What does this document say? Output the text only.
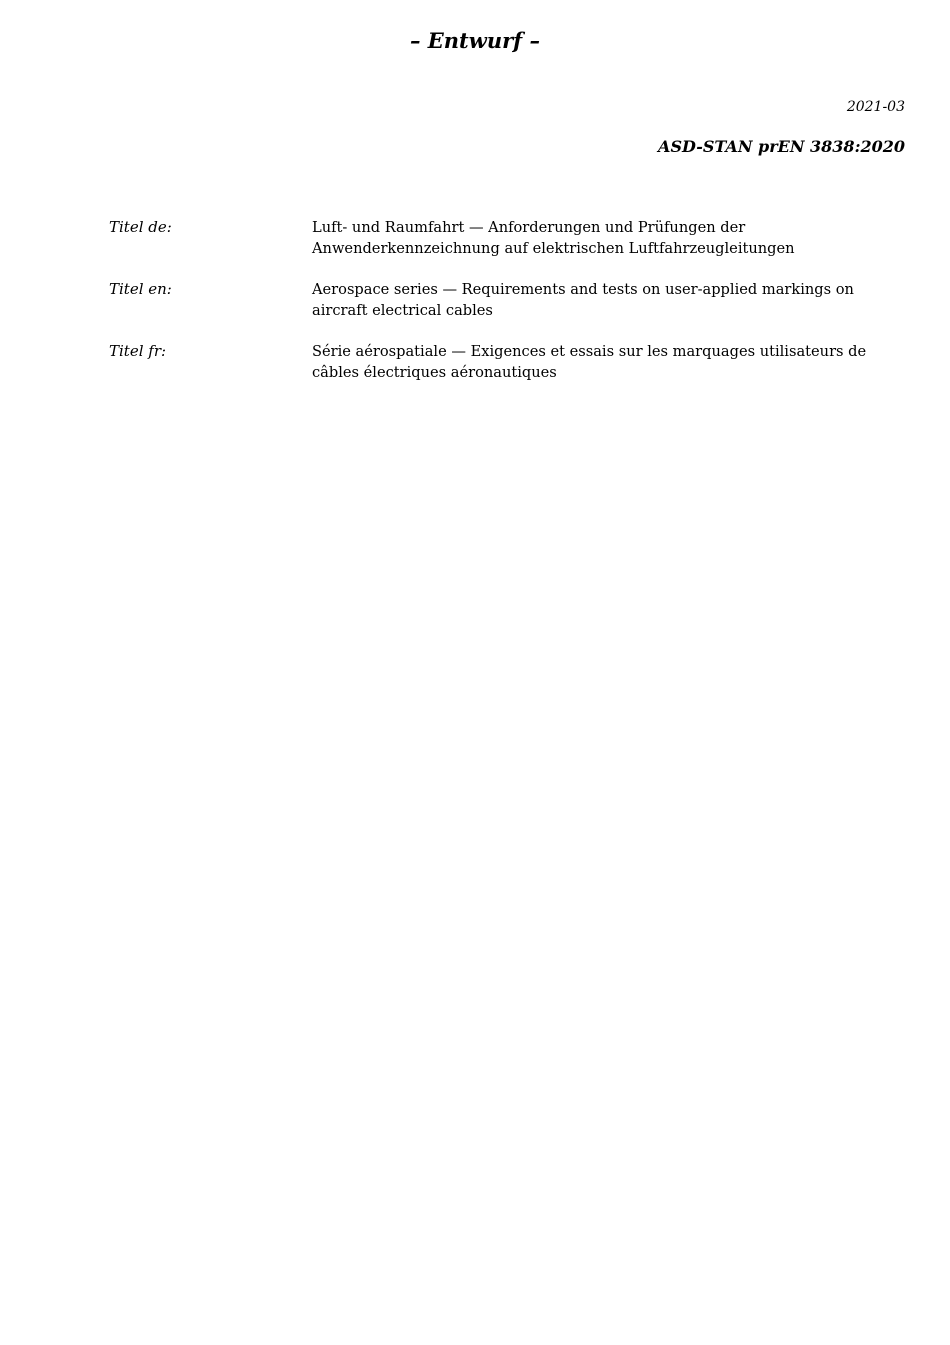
– Entwurf –
2021-03
ASD-STAN prEN 3838:2020
Titel de:	Luft- und Raumfahrt — Anforderungen und Prüfungen der
Anwenderkennzeichnung auf elektrischen Luftfahrzeugleitungen
Titel en:	Aerospace series — Requirements and tests on user-applied markings on
aircraft electrical cables
Titel fr:	Série aérospatiale — Exigences et essais sur les marquages utilisateurs de
câbles électriques aéronautiques
